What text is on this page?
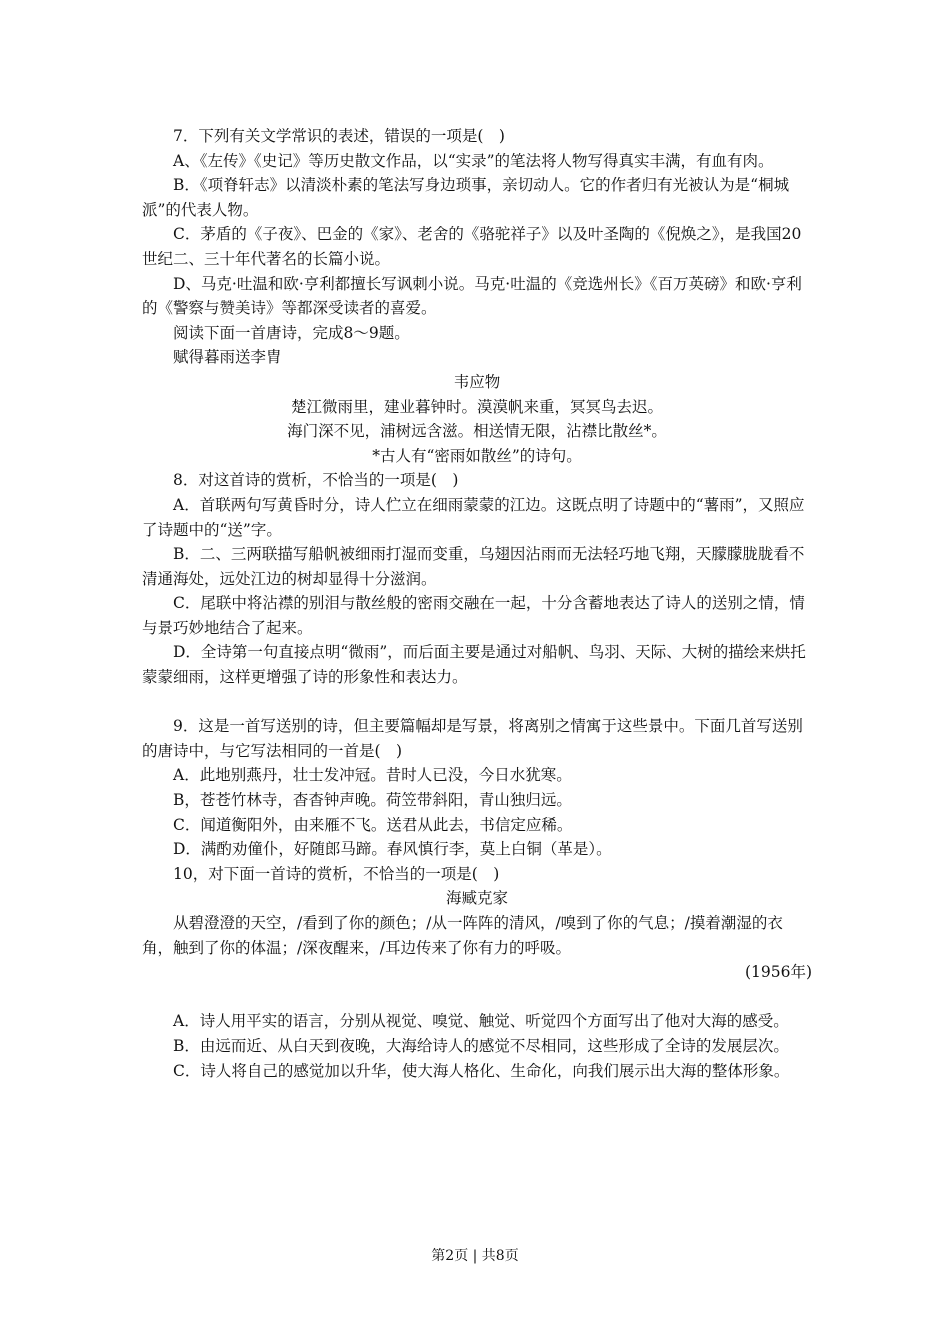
7．下列有关文学常识的表述，错误的一项是(　)

A、《左传》《史记》等历史散文作品，以“实录”的笔法将人物写得真实丰满，有血有肉。

B．《项脊轩志》以清淡朴素的笔法写身边琐事，亲切动人。它的作者归有光被认为是“桐城派”的代表人物。

C．茅盾的《子夜》、巴金的《家》、老舍的《骆驼祥子》以及叶圣陶的《倪焕之》，是我国20世纪二、三十年代著名的长篇小说。

D、马克·吐温和欧·亨利都擅长写讽刺小说。马克·吐温的《竞选州长》《百万英磅》和欧·亨利的《警察与赞美诗》等都深受读者的喜爱。

阅读下面一首唐诗，完成8～9题。

赋得暮雨送李胄

韦应物

楚江微雨里，建业暮钟时。漠漠帆来重，冥冥鸟去迟。

海门深不见，浦树远含滋。相送情无限，沾襟比散丝*。

*古人有“密雨如散丝”的诗句。

8．对这首诗的赏析，不恰当的一项是(　)

A．首联两句写黄昏时分，诗人伫立在细雨蒙蒙的江边。这既点明了诗题中的“薯雨”，又照应了诗题中的“送”字。

B．二、三两联描写船帆被细雨打湿而变重，乌翅因沾雨而无法轻巧地飞翔，天朦朦胧胧看不清通海处，远处江边的树却显得十分滋润。

C．尾联中将沾襟的别泪与散丝般的密雨交融在一起，十分含蓄地表达了诗人的送别之情，情与景巧妙地结合了起来。

D．全诗第一句直接点明“微雨”，而后面主要是通过对船帆、鸟羽、天际、大树的描绘来烘托蒙蒙细雨，这样更增强了诗的形象性和表达力。

9．这是一首写送别的诗，但主要篇幅却是写景，将离别之情寓于这些景中。下面几首写送别的唐诗中，与它写法相同的一首是(　)

A．此地别燕丹，壮士发冲冠。昔时人已没，今日水犹寒。

B，苍苍竹林寺，杳杳钟声晚。荷笠带斜阳，青山独归远。

C．闻道衡阳外，由来雁不飞。送君从此去，书信定应稀。

D．满酌劝僮仆，好随郎马蹄。春风慎行李，莫上白铜（革是）。

10，对下面一首诗的赏析，不恰当的一项是(　)

海臧克家

从碧澄澄的天空，/看到了你的颜色；/从一阵阵的清风，/嗅到了你的气息；/摸着潮湿的衣角，触到了你的体温；/深夜醒来，/耳边传来了你有力的呼吸。

(1956年)

A．诗人用平实的语言，分别从视觉、嗅觉、触觉、听觉四个方面写出了他对大海的感受。

B．由远而近、从白天到夜晚，大海给诗人的感觉不尽相同，这些形成了全诗的发展层次。

C．诗人将自己的感觉加以升华，使大海人格化、生命化，向我们展示出大海的整体形象。

第2页 | 共8页
